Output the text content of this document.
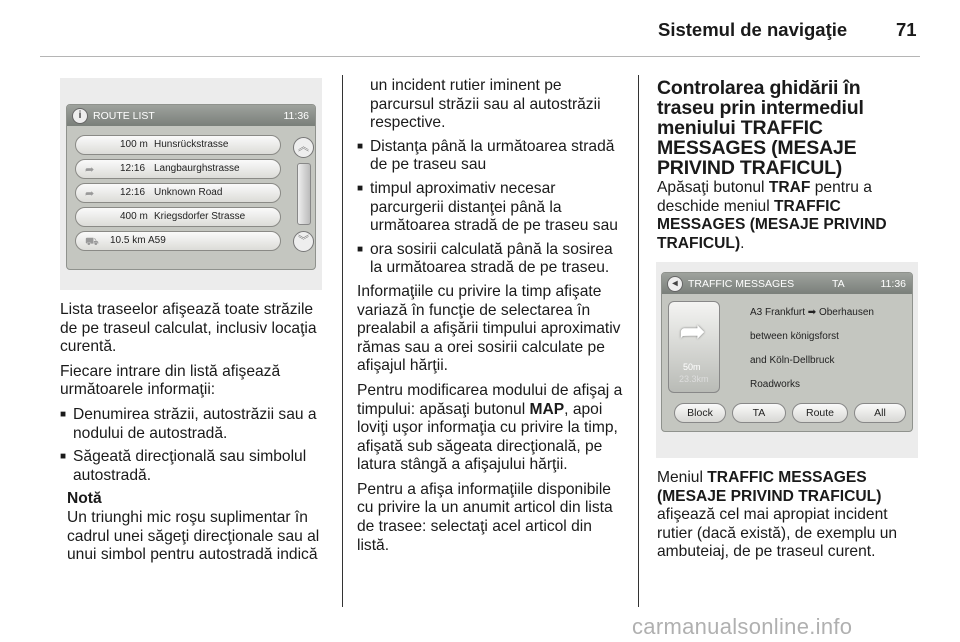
Sistemul de navigaţie	71
i	ROUTE LIST	11:36
100 m Hunsrückstrasse
➦	12:16 Langbaurghstrasse
➦	12:16 Unknown Road
400 m Kriegsdorfer Strasse
⛟ 10.5 km A59
︽
︾

Lista traseelor afişează toate străzile de pe traseul calculat, inclusiv locaţia curentă.

Fiecare intrare din listă afişează următoarele informaţii:

■ Denumirea străzii, autostrăzii sau a nodului de autostradă.
■ Săgeată direcţională sau simbolul autostradă.
Notă
Un triunghi mic roşu suplimentar în cadrul unei săgeţi direcţionale sau al unui simbol pentru autostradă indică
un incident rutier iminent pe parcursul străzii sau al autostrăzii respective.
■ Distanţa până la următoarea stradă de pe traseu sau
■ timpul aproximativ necesar parcurgerii distanţei până la următoarea stradă de pe traseu sau
■ ora sosirii calculată până la sosirea la următoarea stradă de pe traseu.

Informaţiile cu privire la timp afişate variază în funcţie de selectarea în prealabil a afişării timpului aproximativ rămas sau a orei sosirii calculate pe afişajul hărţii.

Pentru modificarea modului de afişaj a timpului: apăsaţi butonul MAP, apoi loviţi uşor informaţia cu privire la timp, afişată sub săgeata direcţională, pe latura stângă a afişajului hărţii.

Pentru a afişa informaţiile disponibile cu privire la un anumit articol din lista de trasee: selectaţi acel articol din listă.

Controlarea ghidării în traseu prin intermediul meniului TRAFFIC MESSAGES (MESAJE PRIVIND TRAFICUL)

Apăsaţi butonul TRAF pentru a deschide meniul TRAFFIC MESSAGES (MESAJE PRIVIND TRAFICUL).

◂ TRAFFIC MESSAGES	TA	11:36
➦
50m
23.3km
A3 Frankfurt ➡ Oberhausen
between königsforst
and Köln-Dellbruck
Roadworks
Block	TA	Route	All

Meniul TRAFFIC MESSAGES (MESAJE PRIVIND TRAFICUL) afişează cel mai apropiat incident rutier (dacă există), de exemplu un ambuteiaj, de pe traseul curent.

carmanualsonline.info
